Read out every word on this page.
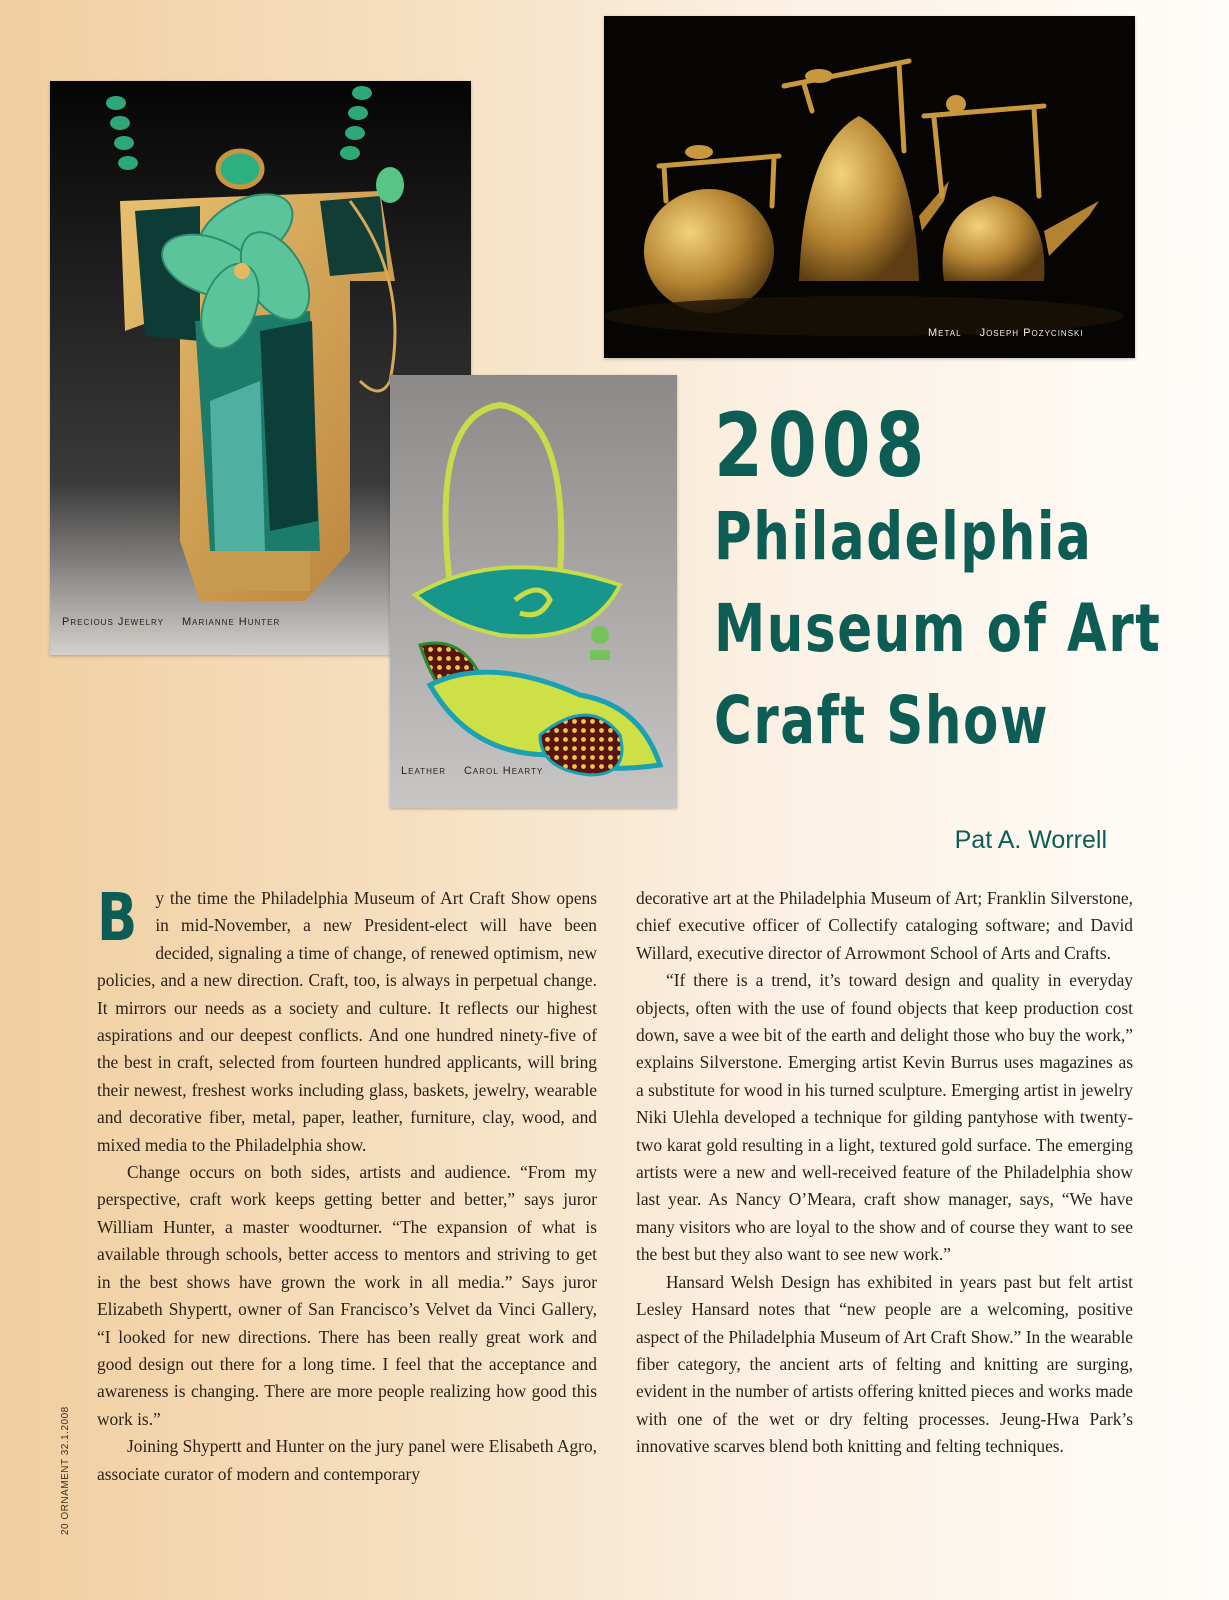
Precious Jewelry Marianne Hunter
Metal Joseph Pozycinski
Leather Carol Hearty
2008
Philadelphia
Museum of Art
Craft Show
Pat A. Worrell

B y the time the Philadelphia Museum of Art Craft Show opens in mid-November, a new President-elect will have been decided, signaling a time of change, of renewed optimism, new policies, and a new direction. Craft, too, is always in perpetual change. It mirrors our needs as a society and culture. It reflects our highest aspirations and our deepest conflicts. And one hundred ninety-five of the best in craft, selected from fourteen hundred applicants, will bring their newest, freshest works including glass, baskets, jewelry, wearable and decorative fiber, metal, paper, leather, furniture, clay, wood, and mixed media to the Philadelphia show.

Change occurs on both sides, artists and audience. “From my perspective, craft work keeps getting better and better,” says juror William Hunter, a master woodturner. “The expansion of what is available through schools, better access to mentors and striving to get in the best shows have grown the work in all media.” Says juror Elizabeth Shypertt, owner of San Francisco’s Velvet da Vinci Gallery, “I looked for new directions. There has been really great work and good design out there for a long time. I feel that the acceptance and awareness is changing. There are more people realizing how good this work is.”

Joining Shypertt and Hunter on the jury panel were Elisabeth Agro, associate curator of modern and contemporary

decorative art at the Philadelphia Museum of Art; Franklin Silverstone, chief executive officer of Collectify cataloging software; and David Willard, executive director of Arrowmont School of Arts and Crafts.

“If there is a trend, it’s toward design and quality in everyday objects, often with the use of found objects that keep production cost down, save a wee bit of the earth and delight those who buy the work,” explains Silverstone. Emerging artist Kevin Burrus uses magazines as a substitute for wood in his turned sculpture. Emerging artist in jewelry Niki Ulehla developed a technique for gilding pantyhose with twenty-two karat gold resulting in a light, textured gold surface. The emerging artists were a new and well-received feature of the Philadelphia show last year. As Nancy O’Meara, craft show manager, says, “We have many visitors who are loyal to the show and of course they want to see the best but they also want to see new work.”

Hansard Welsh Design has exhibited in years past but felt artist Lesley Hansard notes that “new people are a welcoming, positive aspect of the Philadelphia Museum of Art Craft Show.” In the wearable fiber category, the ancient arts of felting and knitting are surging, evident in the number of artists offering knitted pieces and works made with one of the wet or dry felting processes. Jeung-Hwa Park’s innovative scarves blend both knitting and felting techniques.

20 ORNAMENT 32.1.2008
